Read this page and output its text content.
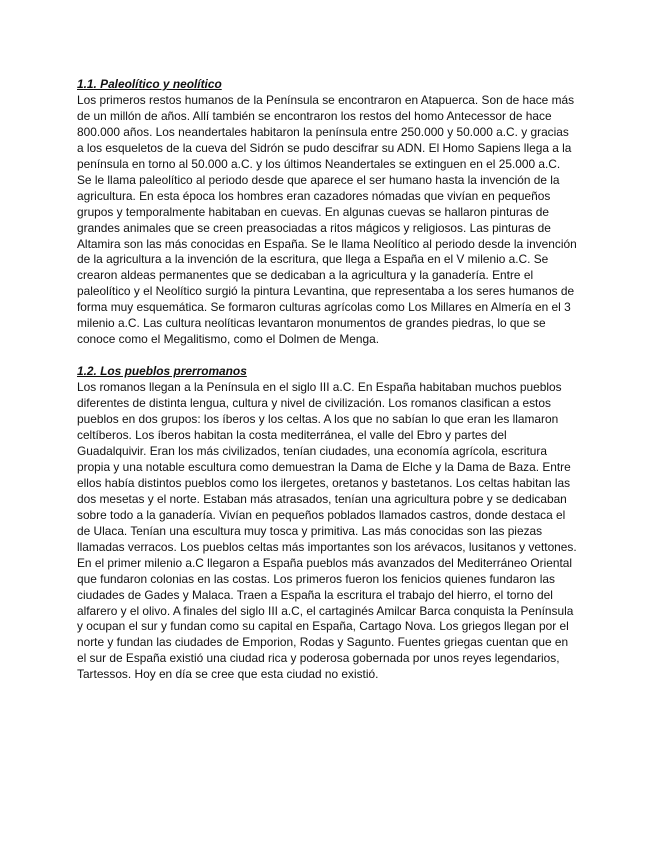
1.1. Paleolítico y neolítico

Los primeros restos humanos de la Península se encontraron en Atapuerca. Son de hace más de un millón de años. Allí también se encontraron los restos del homo Antecessor de hace 800.000 años. Los neandertales habitaron la península entre 250.000 y 50.000 a.C. y gracias a los esqueletos de la cueva del Sidrón se pudo descifrar su ADN. El Homo Sapiens llega a la península en torno al 50.000 a.C. y los últimos Neandertales se extinguen en el 25.000 a.C. Se le llama paleolítico al periodo desde que aparece el ser humano hasta la invención de la agricultura. En esta época los hombres eran cazadores nómadas que vivían en pequeños grupos y temporalmente habitaban en cuevas. En algunas cuevas se hallaron pinturas de grandes animales que se creen preasociadas a ritos mágicos y religiosos. Las pinturas de Altamira son las más conocidas en España. Se le llama Neolítico al periodo desde la invención de la agricultura a la invención de la escritura, que llega a España en el V milenio a.C. Se crearon aldeas permanentes que se dedicaban a la agricultura y la ganadería. Entre el paleolítico y el Neolítico surgió la pintura Levantina, que representaba a los seres humanos de forma muy esquemática. Se formaron culturas agrícolas como Los Millares en Almería en el 3 milenio a.C. Las cultura neolíticas levantaron monumentos de grandes piedras, lo que se conoce como el Megalitismo, como el Dolmen de Menga.

1.2. Los pueblos prerromanos

Los romanos llegan a la Península en el siglo III a.C. En España habitaban muchos pueblos diferentes de distinta lengua, cultura y nivel de civilización. Los romanos clasifican a estos pueblos en dos grupos: los íberos y los celtas. A los que no sabían lo que eran les llamaron celtíberos. Los íberos habitan la costa mediterránea, el valle del Ebro y partes del Guadalquivir. Eran los más civilizados, tenían ciudades, una economía agrícola, escritura propia y una notable escultura como demuestran la Dama de Elche y la Dama de Baza. Entre ellos había distintos pueblos como los ilergetes, oretanos y bastetanos. Los celtas habitan las dos mesetas y el norte. Estaban más atrasados, tenían una agricultura pobre y se dedicaban sobre todo a la ganadería. Vivían en pequeños poblados llamados castros, donde destaca el de Ulaca. Tenían una escultura muy tosca y primitiva. Las más conocidas son las piezas llamadas verracos. Los pueblos celtas más importantes son los arévacos, lusitanos y vettones. En el primer milenio a.C llegaron a España pueblos más avanzados del Mediterráneo Oriental que fundaron colonias en las costas. Los primeros fueron los fenicios quienes fundaron las ciudades de Gades y Malaca. Traen a España la escritura el trabajo del hierro, el torno del alfarero y el olivo. A finales del siglo III a.C, el cartaginés Amilcar Barca conquista la Península y ocupan el sur y fundan como su capital en España, Cartago Nova. Los griegos llegan por el norte y fundan las ciudades de Emporion, Rodas y Sagunto. Fuentes griegas cuentan que en el sur de España existió una ciudad rica y poderosa gobernada por unos reyes legendarios, Tartessos. Hoy en día se cree que esta ciudad no existió.
